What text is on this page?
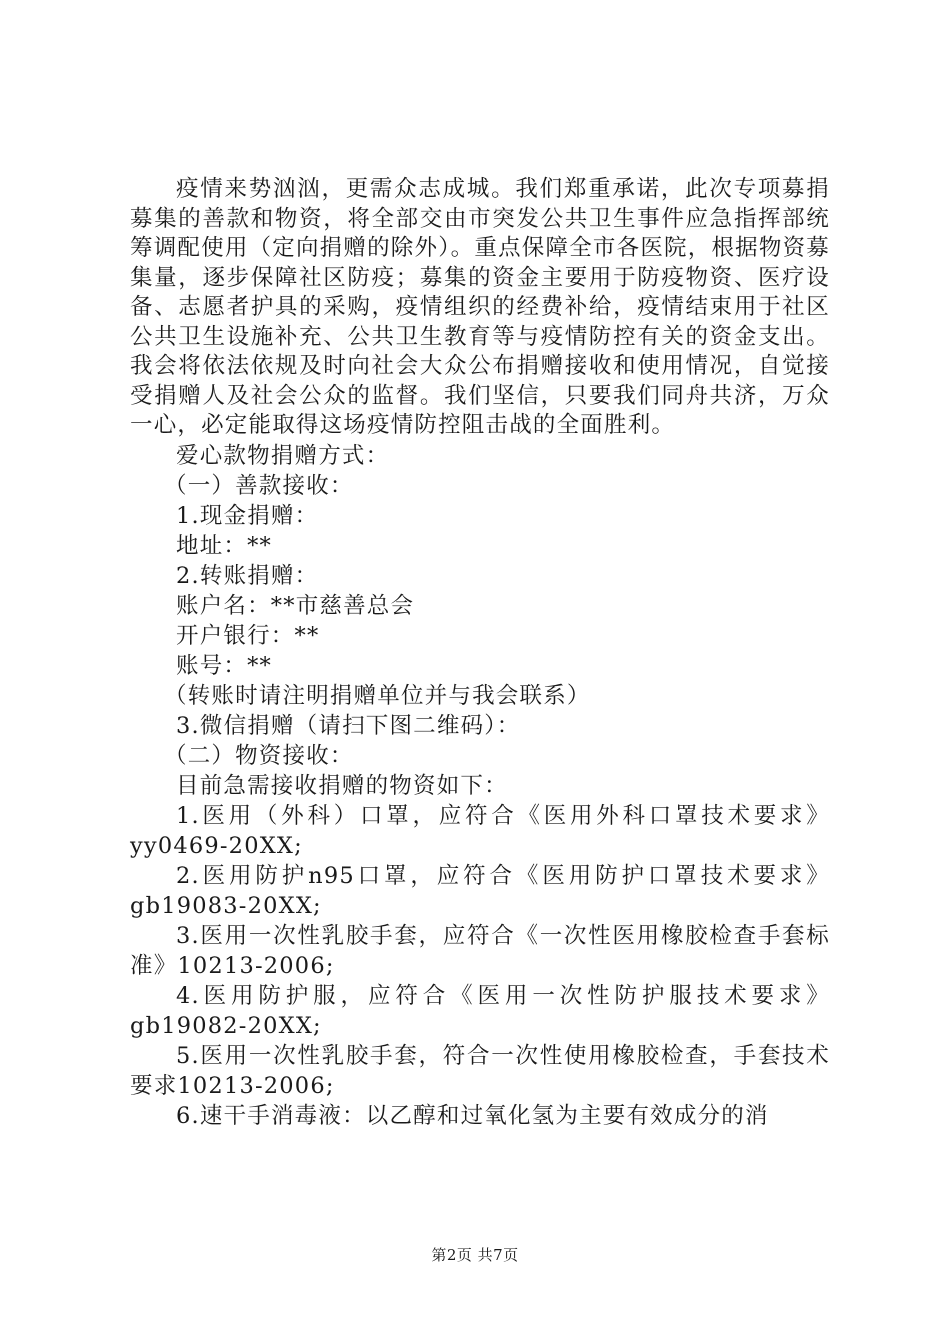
疫情来势汹汹，更需众志成城。我们郑重承诺，此次专项募捐募集的善款和物资，将全部交由市突发公共卫生事件应急指挥部统筹调配使用（定向捐赠的除外）。重点保障全市各医院，根据物资募集量，逐步保障社区防疫；募集的资金主要用于防疫物资、医疗设备、志愿者护具的采购，疫情组织的经费补给，疫情结束用于社区公共卫生设施补充、公共卫生教育等与疫情防控有关的资金支出。我会将依法依规及时向社会大众公布捐赠接收和使用情况，自觉接受捐赠人及社会公众的监督。我们坚信，只要我们同舟共济，万众一心，必定能取得这场疫情防控阻击战的全面胜利。

爱心款物捐赠方式：

（一）善款接收：

1.现金捐赠：

地址：**

2.转账捐赠：

账户名：**市慈善总会

开户银行：**

账号：**

（转账时请注明捐赠单位并与我会联系）

3.微信捐赠（请扫下图二维码）：

（二）物资接收：

目前急需接收捐赠的物资如下：

1.医用（外科）口罩，应符合《医用外科口罩技术要求》yy0469-20XX;

2.医用防护n95口罩，应符合《医用防护口罩技术要求》gb19083-20XX;

3.医用一次性乳胶手套，应符合《一次性医用橡胶检查手套标准》10213-2006;

4.医用防护服，应符合《医用一次性防护服技术要求》gb19082-20XX;

5.医用一次性乳胶手套，符合一次性使用橡胶检查，手套技术要求10213-2006;

6.速干手消毒液：以乙醇和过氧化氢为主要有效成分的消

第2页 共7页
